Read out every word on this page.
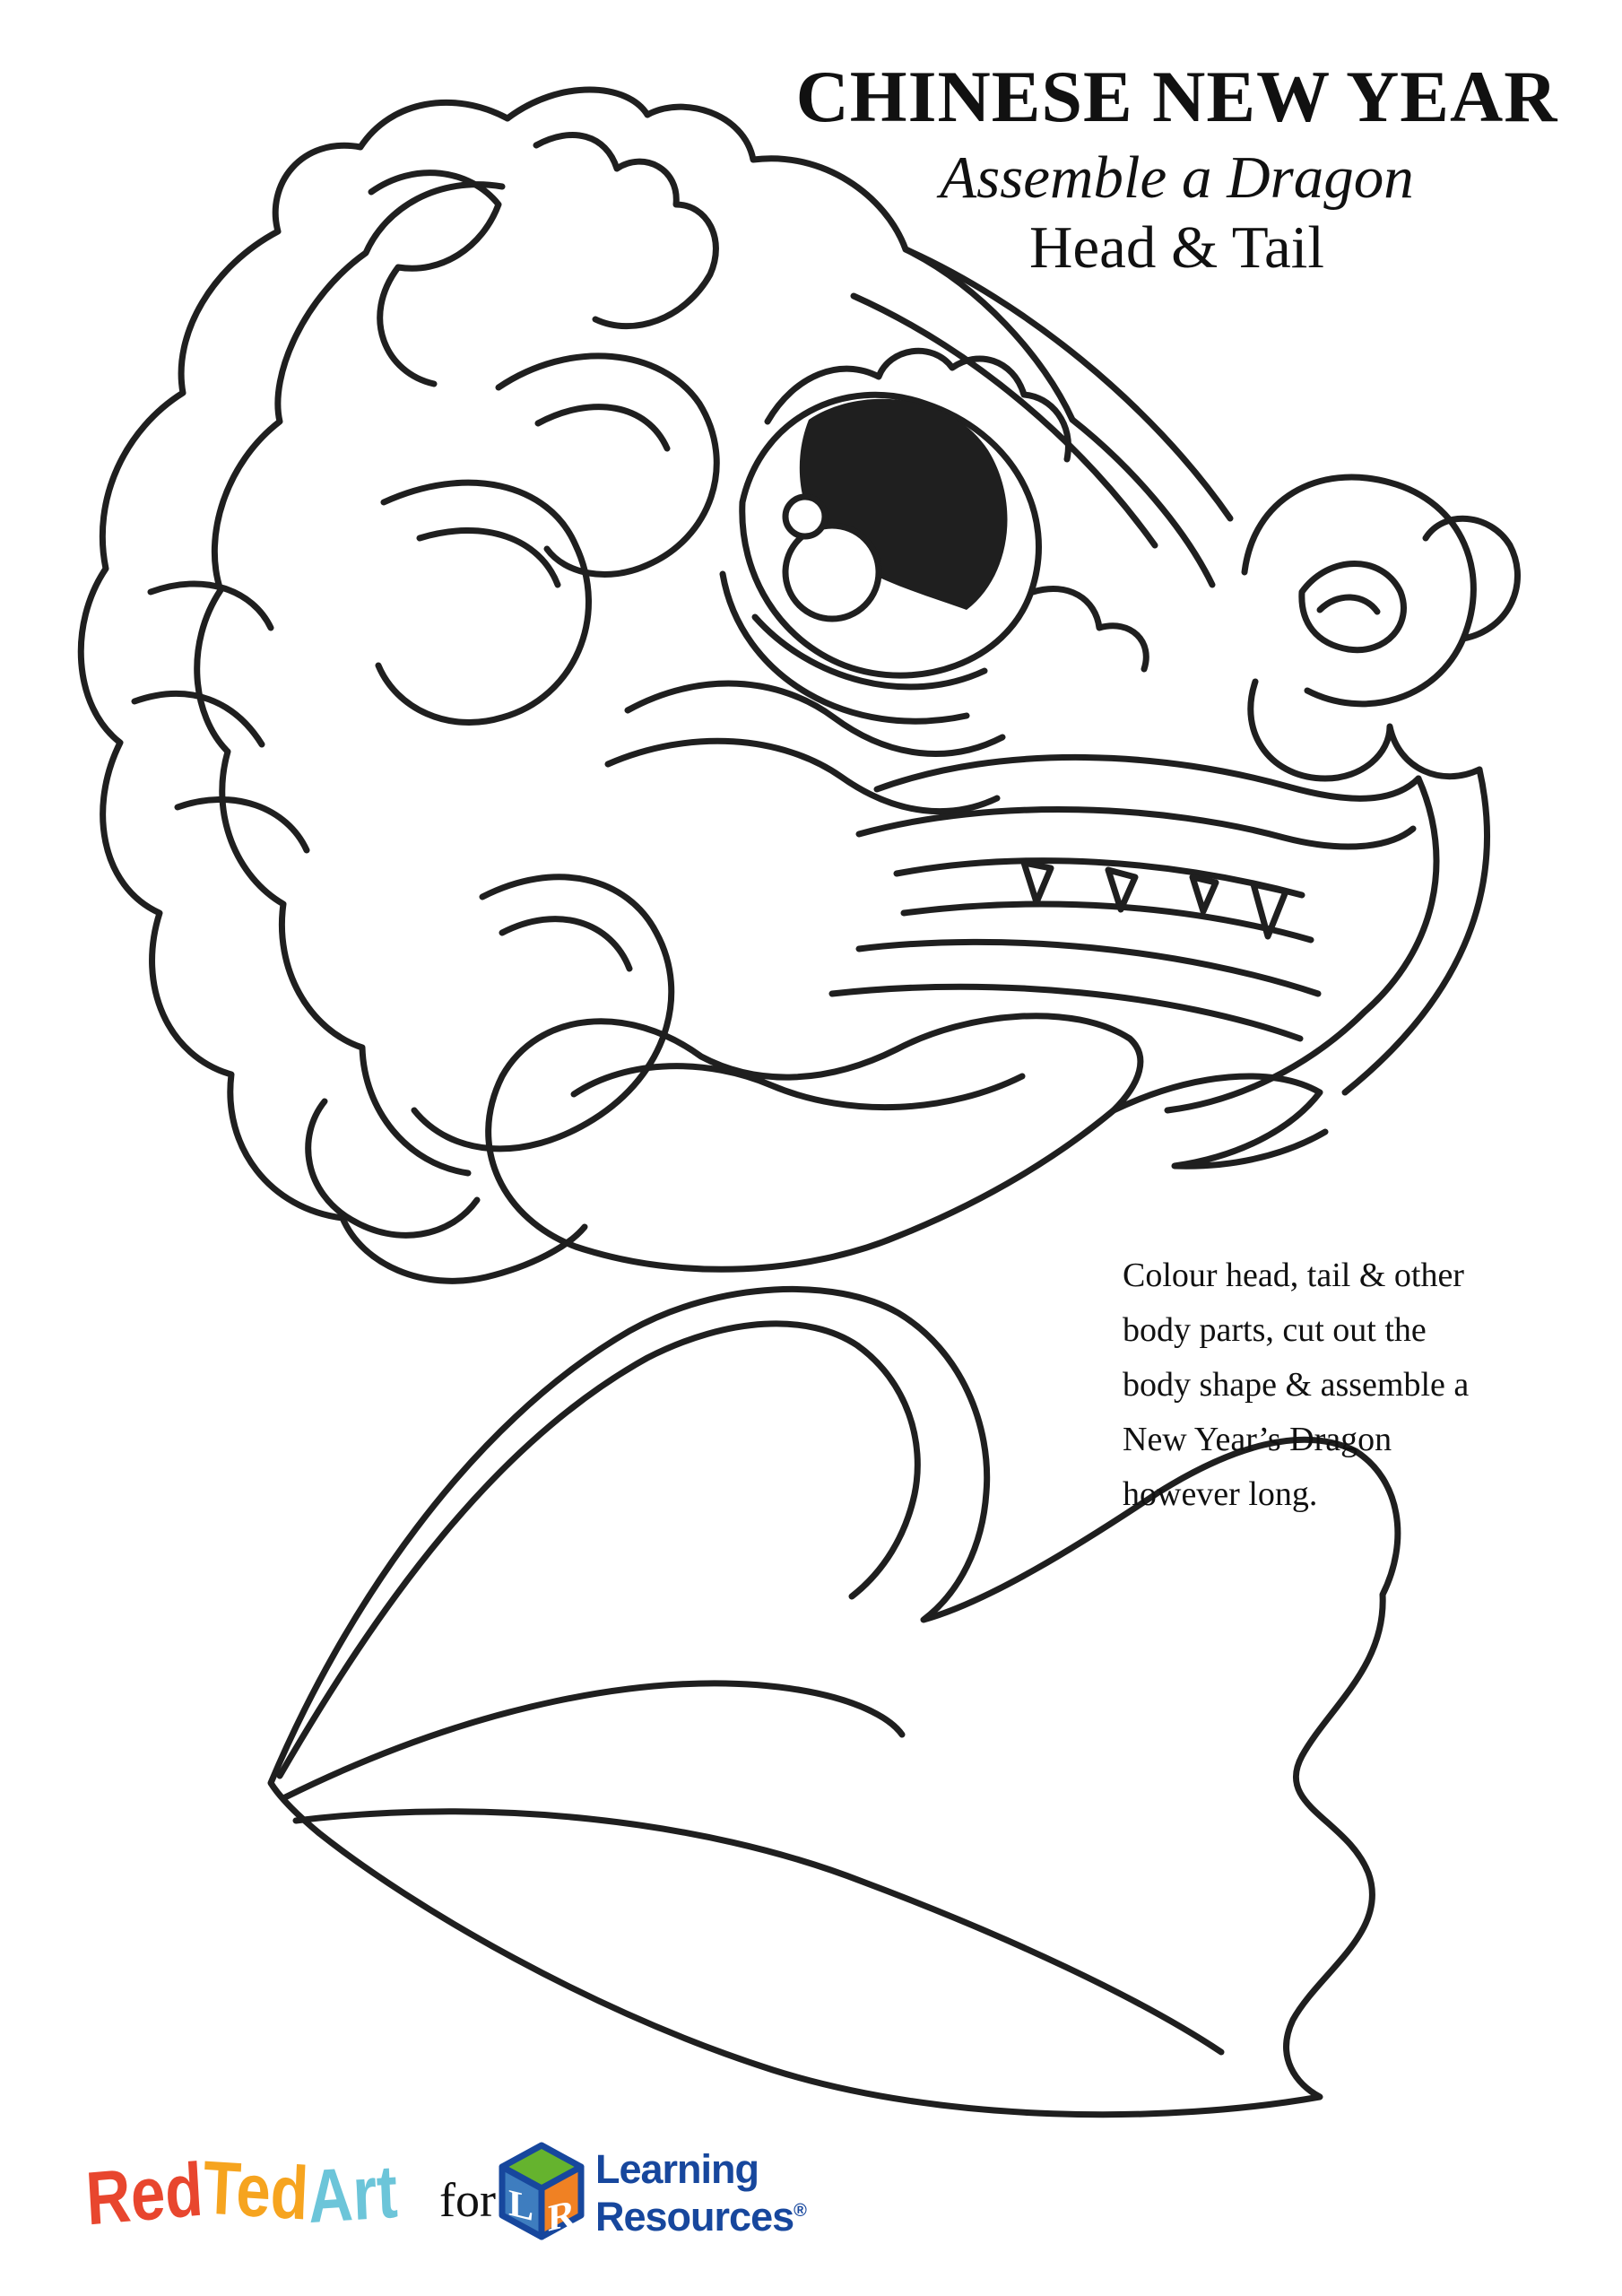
CHINESE NEW YEAR
Assemble a Dragon
Head & Tail
Colour head, tail & other
body parts, cut out the
body shape & assemble a
New Year’s Dragon
however long.
RedTedArt for L R
Learning
Resources®
